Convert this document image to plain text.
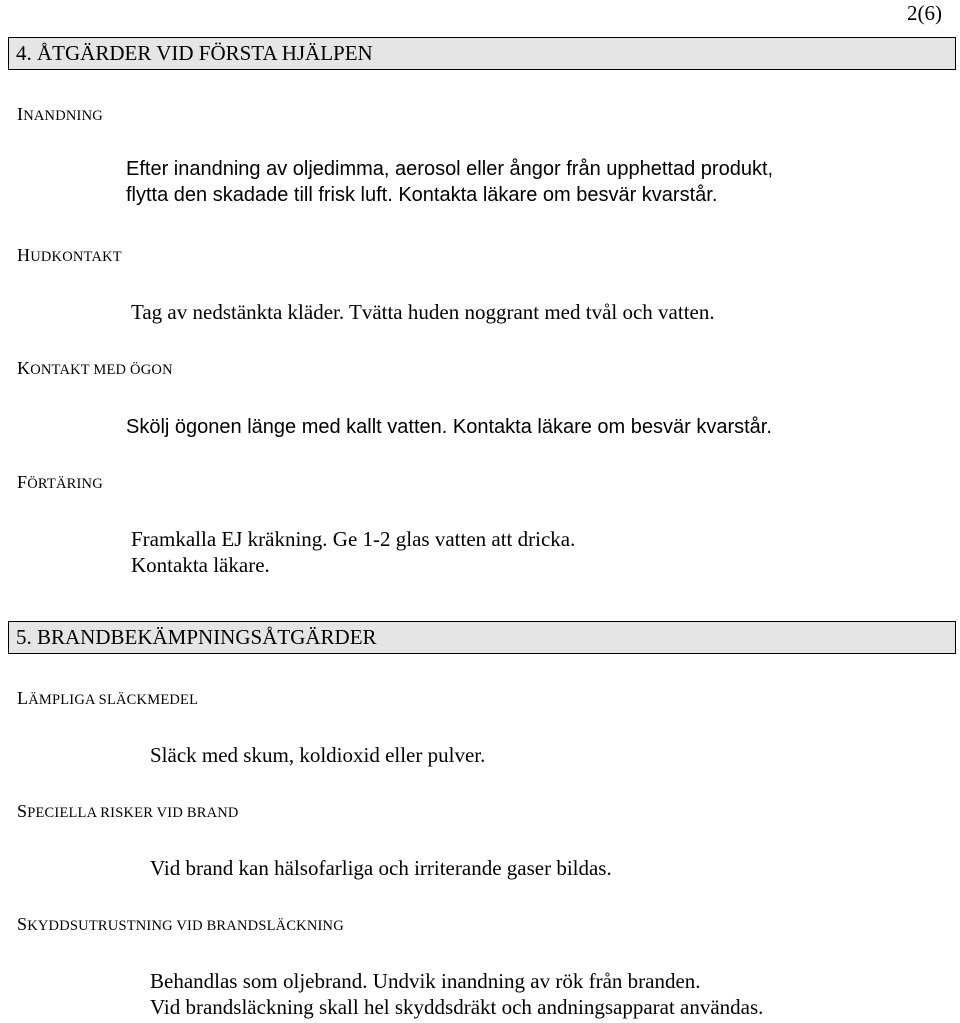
2(6)
4. ÅTGÄRDER VID FÖRSTA HJÄLPEN
INANDNING
Efter inandning av oljedimma, aerosol eller ångor från upphettad produkt,
flytta den skadade till frisk luft. Kontakta läkare om besvär kvarstår.
HUDKONTAKT
Tag av nedstänkta kläder. Tvätta huden noggrant med tvål och vatten.
KONTAKT MED ÖGON
Skölj ögonen länge med kallt vatten. Kontakta läkare om besvär kvarstår.
FÖRTÄRING
Framkalla EJ kräkning. Ge 1-2 glas vatten att dricka.
Kontakta läkare.
5. BRANDBEKÄMPNINGSÅTGÄRDER
LÄMPLIGA SLÄCKMEDEL
Släck med skum, koldioxid eller pulver.
SPECIELLA RISKER VID BRAND
Vid brand kan hälsofarliga och irriterande gaser bildas.
SKYDDSUTRUSTNING VID BRANDSLÄCKNING
Behandlas som oljebrand. Undvik inandning av rök från branden.
Vid brandsläckning skall hel skyddsdräkt och andningsapparat användas.
